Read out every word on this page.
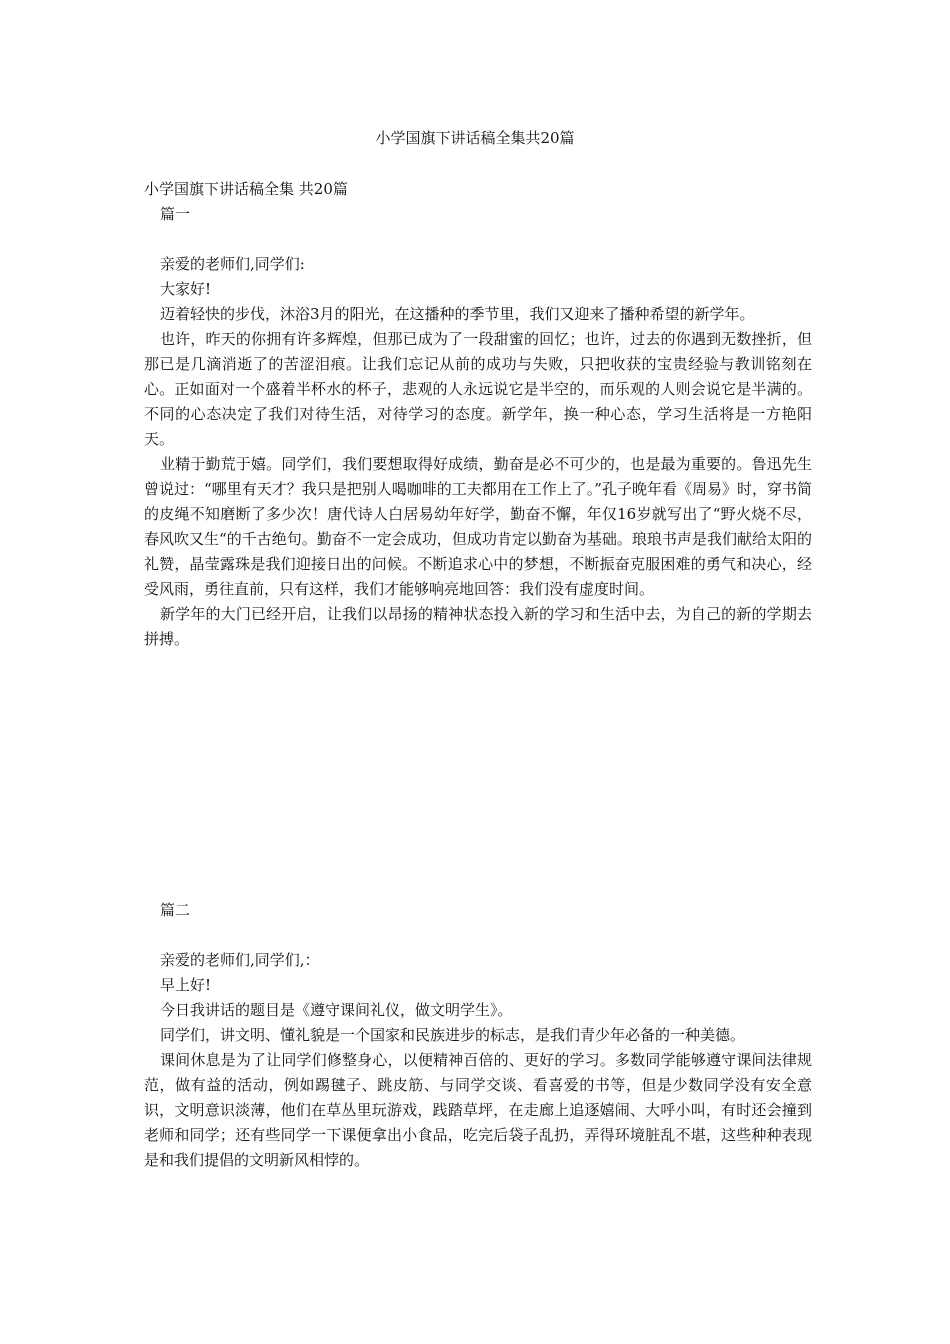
小学国旗下讲话稿全集共20篇

小学国旗下讲话稿全集 共20篇

篇一

亲爱的老师们,同学们:

大家好!

迈着轻快的步伐，沐浴3月的阳光，在这播种的季节里，我们又迎来了播种希望的新学年。

也许，昨天的你拥有许多辉煌，但那已成为了一段甜蜜的回忆；也许，过去的你遇到无数挫折，但那已是几滴消逝了的苦涩泪痕。让我们忘记从前的成功与失败，只把收获的宝贵经验与教训铭刻在心。正如面对一个盛着半杯水的杯子，悲观的人永远说它是半空的，而乐观的人则会说它是半满的。不同的心态决定了我们对待生活，对待学习的态度。新学年，换一种心态，学习生活将是一方艳阳天。

业精于勤荒于嬉。同学们，我们要想取得好成绩，勤奋是必不可少的，也是最为重要的。鲁迅先生曾说过：“哪里有天才？我只是把别人喝咖啡的工夫都用在工作上了。”孔子晚年看《周易》时，穿书简的皮绳不知磨断了多少次！唐代诗人白居易幼年好学，勤奋不懈，年仅16岁就写出了“野火烧不尽，春风吹又生“的千古绝句。勤奋不一定会成功，但成功肯定以勤奋为基础。琅琅书声是我们献给太阳的礼赞，晶莹露珠是我们迎接日出的问候。不断追求心中的梦想，不断振奋克服困难的勇气和决心，经受风雨，勇往直前，只有这样，我们才能够响亮地回答：我们没有虚度时间。

新学年的大门已经开启，让我们以昂扬的精神状态投入新的学习和生活中去，为自己的新的学期去拼搏。

篇二

亲爱的老师们,同学们,：

早上好!

今日我讲话的题目是《遵守课间礼仪，做文明学生》。

同学们，讲文明、懂礼貌是一个国家和民族进步的标志，是我们青少年必备的一种美德。

课间休息是为了让同学们修整身心，以便精神百倍的、更好的学习。多数同学能够遵守课间法律规范，做有益的活动，例如踢毽子、跳皮筋、与同学交谈、看喜爱的书等，但是少数同学没有安全意识，文明意识淡薄，他们在草丛里玩游戏，践踏草坪，在走廊上追逐嬉闹、大呼小叫，有时还会撞到老师和同学；还有些同学一下课便拿出小食品，吃完后袋子乱扔，弄得环境脏乱不堪，这些种种表现是和我们提倡的文明新风相悖的。
